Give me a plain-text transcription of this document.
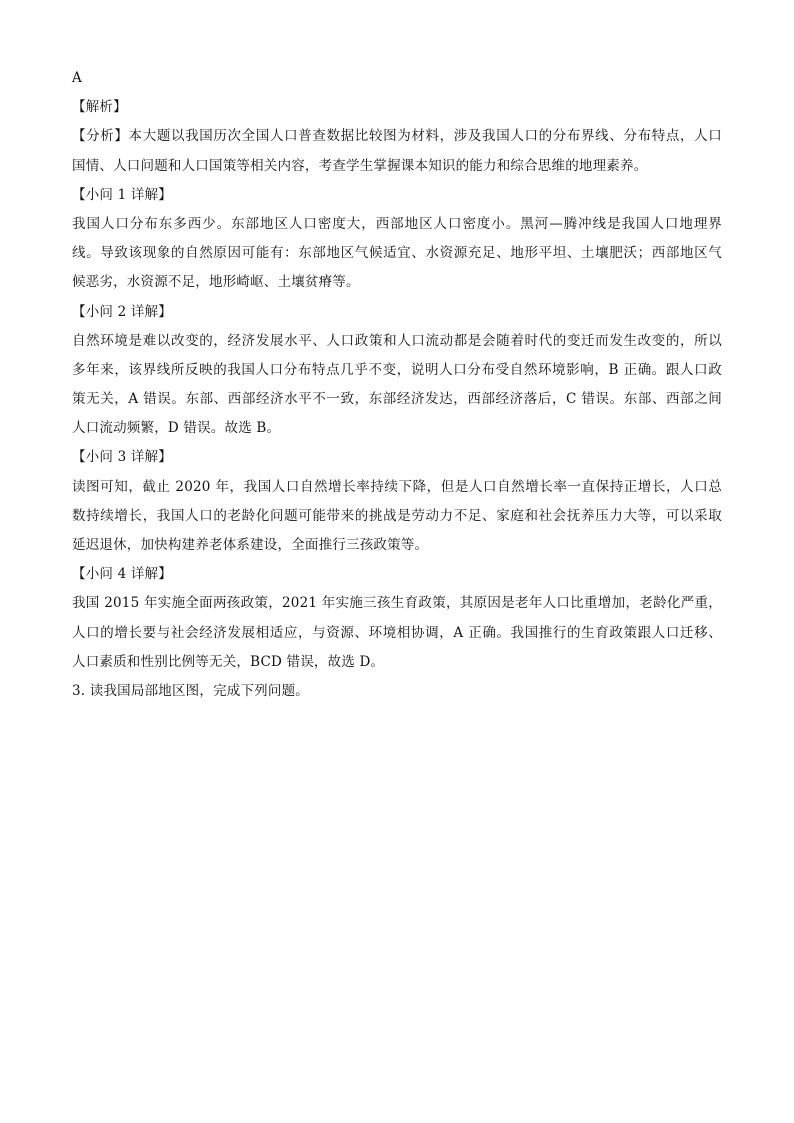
A
【解析】
【分析】本大题以我国历次全国人口普查数据比较图为材料，涉及我国人口的分布界线、分布特点，人口
国情、人口问题和人口国策等相关内容，考查学生掌握课本知识的能力和综合思维的地理素养。
【小问 1 详解】
我国人口分布东多西少。东部地区人口密度大，西部地区人口密度小。黑河—腾冲线是我国人口地理界
线。导致该现象的自然原因可能有：东部地区气候适宜、水资源充足、地形平坦、土壤肥沃；西部地区气
候恶劣，水资源不足，地形崎岖、土壤贫瘠等。
【小问 2 详解】
自然环境是难以改变的，经济发展水平、人口政策和人口流动都是会随着时代的变迁而发生改变的，所以
多年来，该界线所反映的我国人口分布特点几乎不变，说明人口分布受自然环境影响，B 正确。跟人口政
策无关，A 错误。东部、西部经济水平不一致，东部经济发达，西部经济落后，C 错误。东部、西部之间
人口流动频繁，D 错误。故选 B。
【小问 3 详解】
读图可知，截止 2020 年，我国人口自然增长率持续下降，但是人口自然增长率一直保持正增长，人口总
数持续增长，我国人口的老龄化问题可能带来的挑战是劳动力不足、家庭和社会抚养压力大等，可以采取
延迟退休，加快构建养老体系建设，全面推行三孩政策等。
【小问 4 详解】
我国 2015 年实施全面两孩政策，2021 年实施三孩生育政策，其原因是老年人口比重增加，老龄化严重，
人口的增长要与社会经济发展相适应，与资源、环境相协调，A 正确。我国推行的生育政策跟人口迁移、
人口素质和性别比例等无关，BCD 错误，故选 D。
3. 读我国局部地区图，完成下列问题。
